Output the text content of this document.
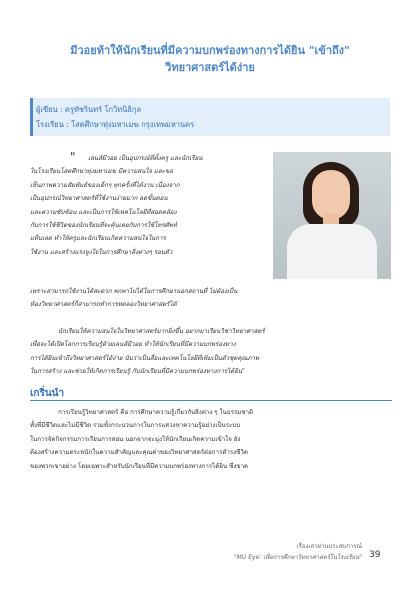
มีวอยท้าให้นักเรียนที่มีความบกพร่องทางการได้ยิน "เข้าถึง"
วิทยาศาสตร์ได้ง่าย
ผู้เขียน : ครูทัชรินทร์ โกวิทนิธิกุล
โรงเรียน : โสตศึกษาทุ่งมหาเมฆ กรุงเทพมหานคร
"	เลนส์มีวอย เป็นอุปกรณ์ที่ตั้งครู และนักเรียน
ในโรงเรียนโสตศึกษาทุ่งมหาเมฆ มีความสนใจ และขอ
เห็นภาพความสัมพันธ์ของเด็กๆ ทุกครั้งที่ได้งาน เนื่องจาก
เป็นอุปกรณ์วิทยาศาสตร์ที่ใช้งานง่ายมาก ลดขั้นตอน
และความซับซ้อน และเป็นการใช้เทคโนโลยีที่สอดคล้อง
กับการใช้ชีวิตของนักเรียนที่จะคุ้นเคยกับการใช้โทรศัพท์
แท็บเลต ทำให้ครูและนักเรียนเกิดความสนใจในการ
ใช้งาน และสร้างแรงจูงใจในการศึกษาสิ่งต่างๆ รอบตัว
เพราะสามารถใช้งานได้สะดวก พกพาไปได้ในการศึกษานอกสถานที่ ไม่ต้องเป็น
ห้องวิทยาศาสตร์ก็สามารถทำการทดลองวิทยาศาสตร์ได้
นักเรียนให้ความสนใจในวิทยาศาสตร์มากยิ่งขึ้น อยากมาเรียนวิชาวิทยาศาสตร์
เพื่อจะได้เปิดโลกการเรียนรู้ด้วยเลนส์มีวอย ทำให้นักเรียนที่มีความบกพร่องทาง
การได้ยินเข้าถึงวิทยาศาสตร์ได้ง่าย นับว่าเป็นสื่อและเทคโนโลยีที่เพิ่มเป็นตัวชุดคุณภาพ
ในการสร้าง และช่วยให้เกิดการเรียนรู้ กับนักเรียนที่มีความบกพร่องทางการได้ยิน"
เกริ่นนำ
การเรียนรู้วิทยาศาสตร์ คือ การศึกษาความรู้เกี่ยวกับสิ่งต่าง ๆ ในธรรมชาติ
ทั้งที่มีชีวิตและไม่มีชีวิต รวมทั้งกระบวนการในการแสวงหาความรู้อย่างเป็นระบบ
ในการจัดกิจกรรมการเรียนการสอน นอกจากจะมุ่งให้นักเรียนเกิดความเข้าใจ ยัง
ต้องสร้างความตระหนักในความสำคัญและคุณค่าของวิทยาศาสตร์ต่อการดำรงชีวิต
ของพวกเขาอย่าง โดยเฉพาะสำหรับนักเรียนที่มีความบกพร่องทางการได้ยิน ซึ่งขาด
เรื่องเล่าผ่านประสบการณ์
"MU Eye: เพื่อการศึกษาวิทยาศาสตร์ในโรงเรียน" 39
